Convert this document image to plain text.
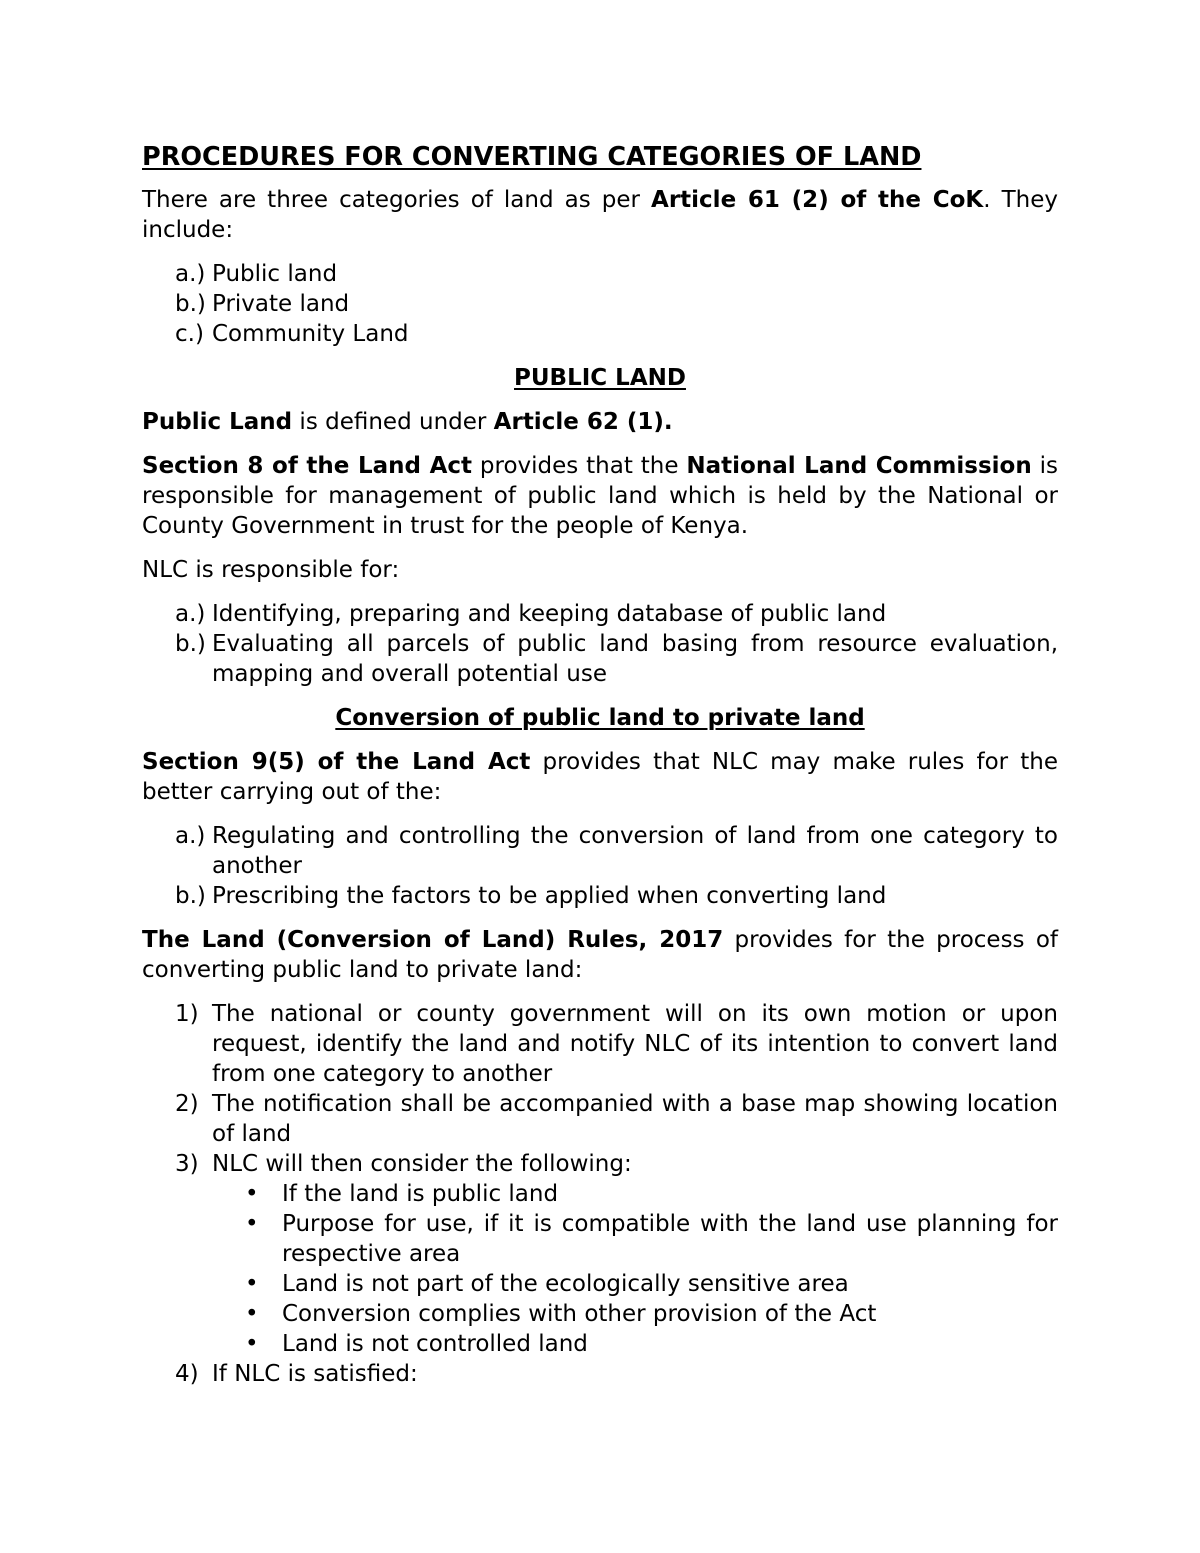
PROCEDURES FOR CONVERTING CATEGORIES OF LAND

There are three categories of land as per Article 61 (2) of the CoK. They include:

a.) Public land
b.) Private land
c.) Community Land
PUBLIC LAND

Public Land is defined under Article 62 (1).

Section 8 of the Land Act provides that the National Land Commission is responsible for management of public land which is held by the National or County Government in trust for the people of Kenya.

NLC is responsible for:

a.) Identifying, preparing and keeping database of public land
b.) Evaluating all parcels of public land basing from resource evaluation, mapping and overall potential use
Conversion of public land to private land

Section 9(5) of the Land Act provides that NLC may make rules for the better carrying out of the:

a.) Regulating and controlling the conversion of land from one category to another
b.) Prescribing the factors to be applied when converting land

The Land (Conversion of Land) Rules, 2017 provides for the process of converting public land to private land:

1) The national or county government will on its own motion or upon request, identify the land and notify NLC of its intention to convert land from one category to another
2) The notification shall be accompanied with a base map showing location of land
3) NLC will then consider the following:
• If the land is public land
• Purpose for use, if it is compatible with the land use planning for respective area
• Land is not part of the ecologically sensitive area
• Conversion complies with other provision of the Act
• Land is not controlled land
4) If NLC is satisfied:
